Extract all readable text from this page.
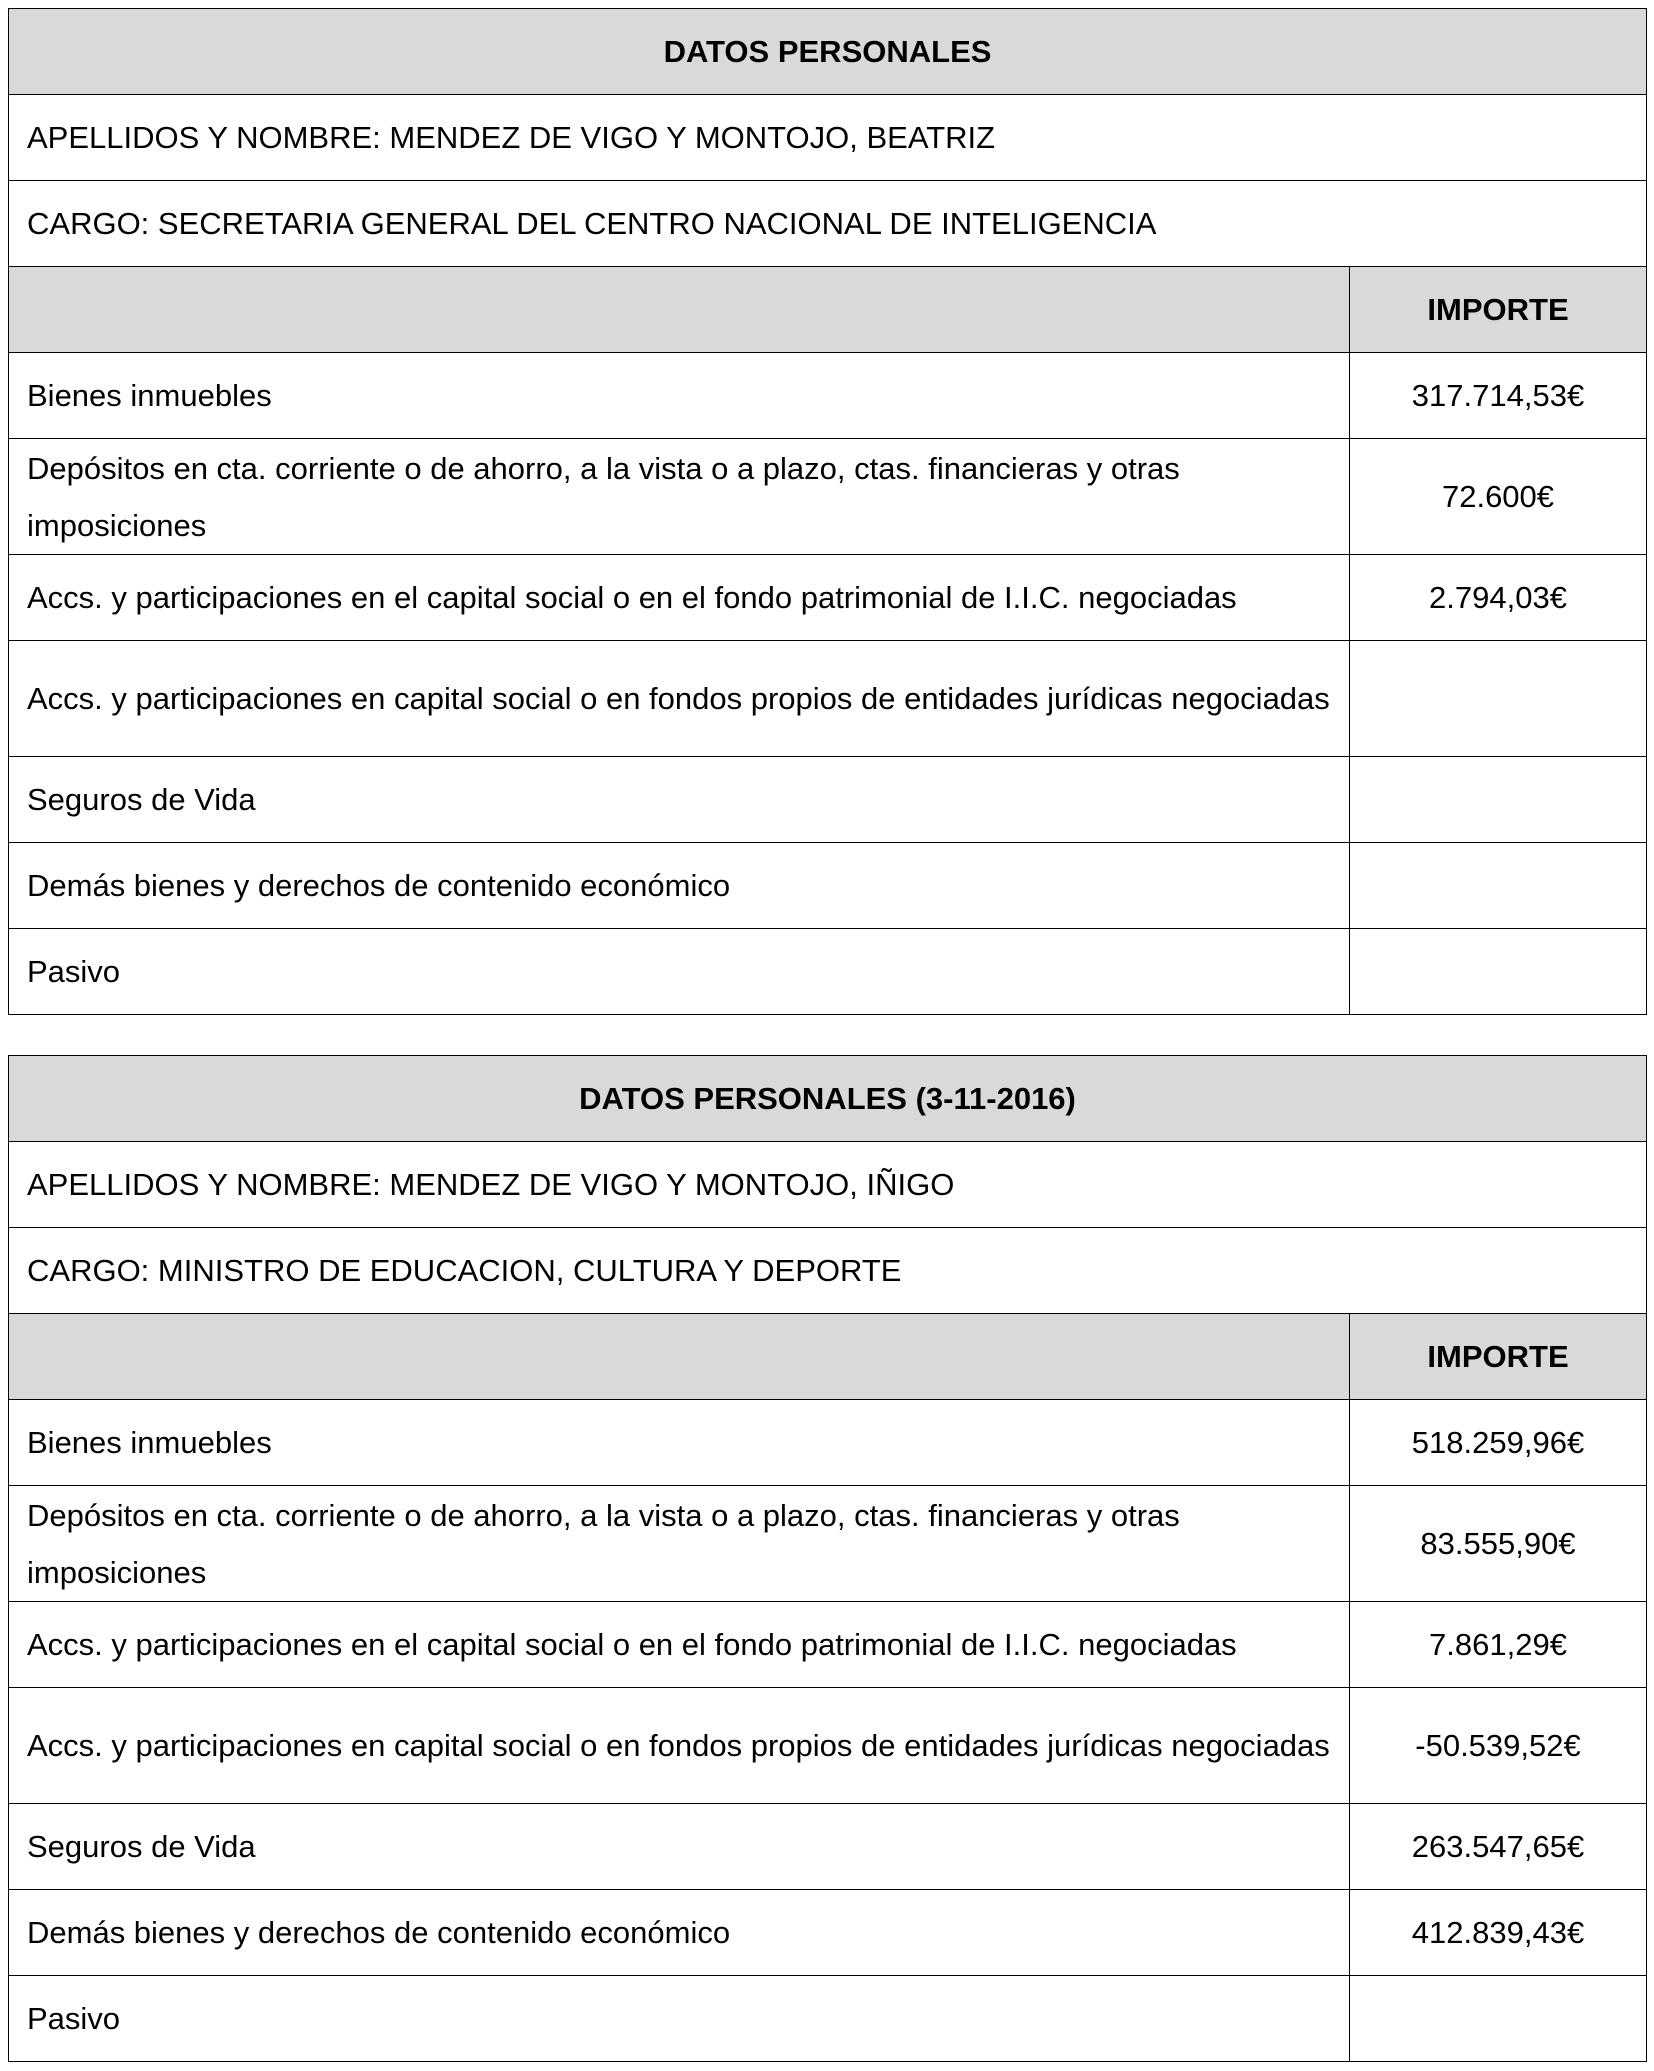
DATOS PERSONALES	
APELLIDOS Y NOMBRE: MENDEZ DE VIGO Y MONTOJO, BEATRIZ	
CARGO: SECRETARIA GENERAL DEL CENTRO NACIONAL DE INTELIGENCIA	
	IMPORTE
Bienes inmuebles	317.714,53€
Depósitos en cta. corriente o de ahorro, a la vista o a plazo, ctas. financieras y otras imposiciones	72.600€
Accs. y participaciones en el capital social o en el fondo patrimonial de I.I.C. negociadas	2.794,03€
Accs. y participaciones en capital social o en fondos propios de entidades jurídicas negociadas	
Seguros de Vida	
Demás bienes y derechos de contenido económico	
Pasivo	
DATOS PERSONALES (3-11-2016)	
APELLIDOS Y NOMBRE: MENDEZ DE VIGO Y MONTOJO, IÑIGO	
CARGO: MINISTRO DE EDUCACION, CULTURA Y DEPORTE	
	IMPORTE
Bienes inmuebles	518.259,96€
Depósitos en cta. corriente o de ahorro, a la vista o a plazo, ctas. financieras y otras imposiciones	83.555,90€
Accs. y participaciones en el capital social o en el fondo patrimonial de I.I.C. negociadas	7.861,29€
Accs. y participaciones en capital social o en fondos propios de entidades jurídicas negociadas	-50.539,52€
Seguros de Vida	263.547,65€
Demás bienes y derechos de contenido económico	412.839,43€
Pasivo	
